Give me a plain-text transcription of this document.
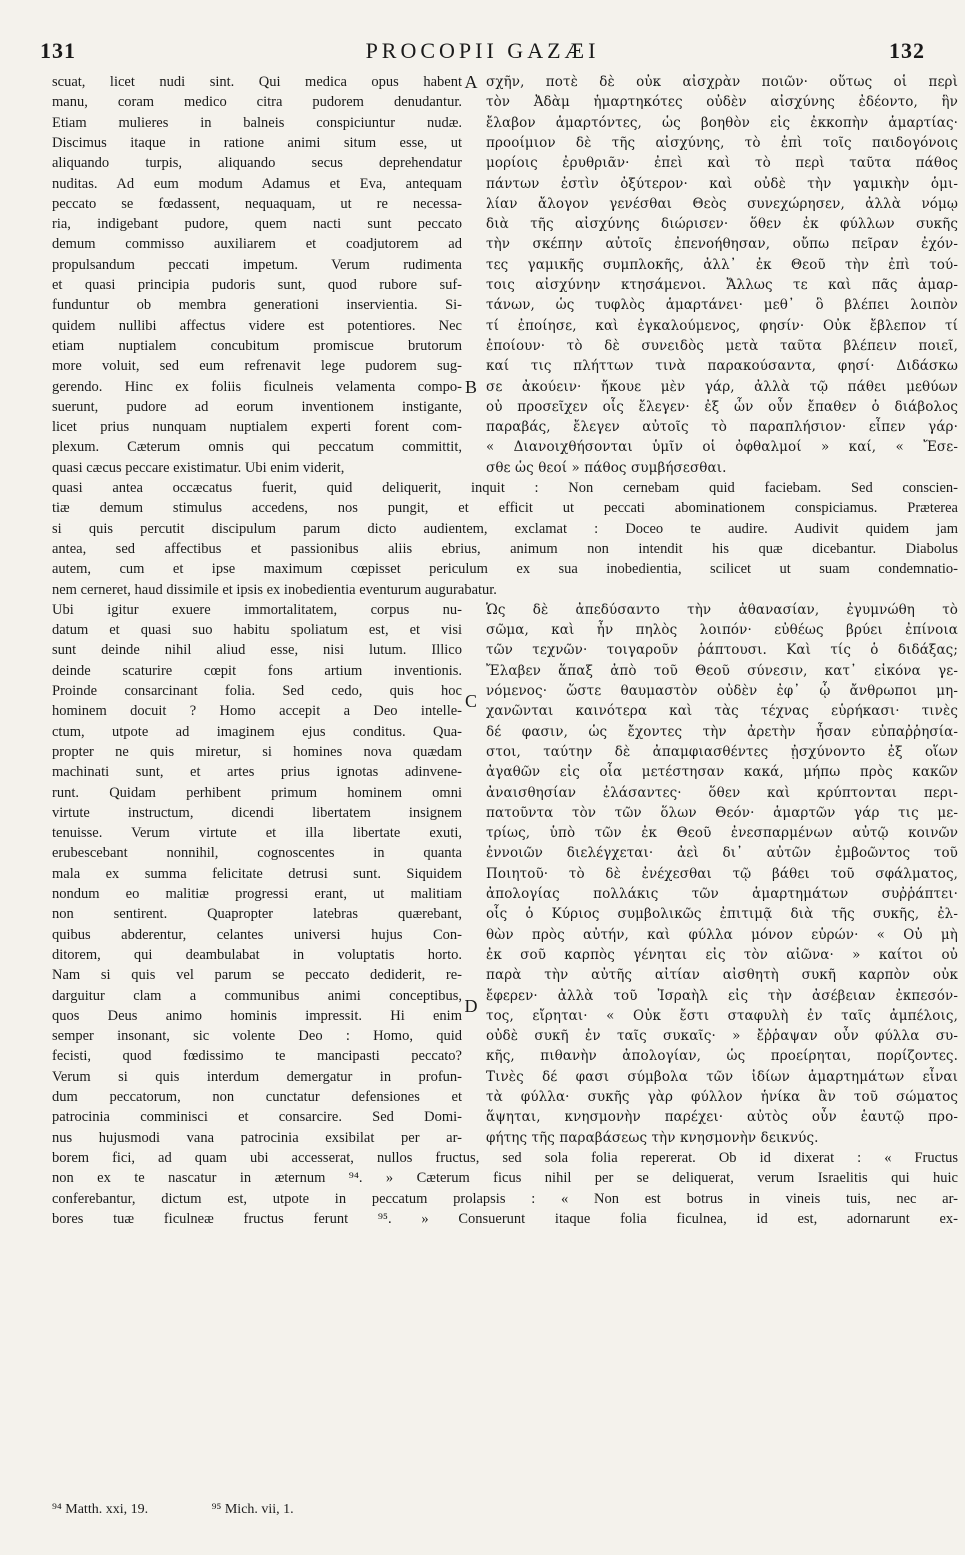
131	PROCOPII GAZÆI	132
scuat, licet nudi sint. Qui medica opus habent σχῆν, ποτὲ δὲ οὐκ αἰσχρὰν ποιῶν· οὕτως οἱ περὶ
manu, coram medico citra pudorem denudantur. τὸν Ἀδὰμ ἡμαρτηκότες οὐδὲν αἰσχύνης ἐδέοντο, ἣν
Etiam mulieres in balneis conspiciuntur nudæ. ἔλαβον ἁμαρτόντες, ὡς βοηθὸν εἰς ἐκκοπὴν ἁμαρτίας·
Discimus itaque in ratione animi situm esse, ut προοίμιον δὲ τῆς αἰσχύνης, τὸ ἐπὶ τοῖς παιδογόνοις
aliquando turpis, aliquando secus deprehendatur μορίοις ἐρυθριᾶν· ἐπεὶ καὶ τὸ περὶ ταῦτα πάθος
nuditas. Ad eum modum Adamus et Eva, antequam πάντων ἐστὶν ὀξύτερον· καὶ οὐδὲ τὴν γαμικὴν ὁμι-
peccato se fœdassent, nequaquam, ut re necessa- λίαν ἄλογον γενέσθαι Θεὸς συνεχώρησεν, ἀλλὰ νόμῳ
ria, indigebant pudore, quem nacti sunt peccato διὰ τῆς αἰσχύνης διώρισεν· ὅθεν ἐκ φύλλων συκῆς
demum commisso auxiliarem et coadjutorem ad τὴν σκέπην αὐτοῖς ἐπενοήθησαν, οὔπω πεῖραν ἐχόν-
propulsandum peccati impetum. Verum rudimenta τες γαμικῆς συμπλοκῆς, ἀλλ᾽ ἐκ Θεοῦ τὴν ἐπὶ τού-
et quasi principia pudoris sunt, quod rubore suf- τοις αἰσχύνην κτησάμενοι. Ἄλλως τε καὶ πᾶς ἁμαρ-
funduntur ob membra generationi inservientia. Si- τάνων, ὡς τυφλὸς ἁμαρτάνει· μεθ᾽ ὃ βλέπει λοιπὸν
quidem nullibi affectus videre est potentiores. Nec τί ἐποίησε, καὶ ἐγκαλούμενος, φησίν· Οὐκ ἔβλεπον τί
etiam nuptialem concubitum promiscue brutorum ἐποίουν· τὸ δὲ συνειδὸς μετὰ ταῦτα βλέπειν ποιεῖ,
more voluit, sed eum refrenavit lege pudorem sug- καί τις πλήττων τινὰ παρακούσαντα, φησί· Διδάσκω
gerendo. Hinc ex foliis ficulneis velamenta compo- σε ἀκούειν· ἤκουε μὲν γάρ, ἀλλὰ τῷ πάθει μεθύων
suerunt, pudore ad eorum inventionem instigante, οὐ προσεῖχεν οἷς ἔλεγεν· ἐξ ὧν οὖν ἔπαθεν ὁ διάβολος
licet prius nunquam nuptialem experti forent com- παραβάς, ἔλεγεν αὐτοῖς τὸ παραπλήσιον· εἶπεν γάρ·
plexum. Cæterum omnis qui peccatum committit, « Διανοιχθήσονται ὑμῖν οἱ ὀφθαλμοί » καί, « Ἔσε-
quasi cæcus peccare existimatur. Ubi enim viderit,	σθε ὡς θεοί » πάθος συμβήσεσθαι.
A
B
quasi antea occæcatus fuerit, quid deliquerit, inquit : Non cernebam quid faciebam. Sed conscien-
tiæ demum stimulus accedens, nos pungit, et efficit ut peccati abominationem conspiciamus. Præterea
si quis percutit discipulum parum dicto audientem, exclamat : Doceo te audire. Audivit quidem jam
antea, sed affectibus et passionibus aliis ebrius, animum non intendit his quæ dicebantur. Diabolus
autem, cum et ipse maximum cœpisset periculum ex sua inobedientia, scilicet ut suam condemnatio-
nem cerneret, haud dissimile et ipsis ex inobedientia eventurum augurabatur.
Ubi igitur exuere immortalitatem, corpus nu- Ὡς δὲ ἀπεδύσαντο τὴν ἀθανασίαν, ἐγυμνώθη τὸ
datum et quasi suo habitu spoliatum est, et visi σῶμα, καὶ ἦν πηλὸς λοιπόν· εὐθέως βρύει ἐπίνοια
sunt deinde nihil aliud esse, nisi lutum. Illico τῶν τεχνῶν· τοιγαροῦν ῥάπτουσι. Καὶ τίς ὁ διδάξας;
deinde scaturire cœpit fons artium inventionis. Ἔλαβεν ἅπαξ ἀπὸ τοῦ Θεοῦ σύνεσιν, κατ᾽ εἰκόνα γε-
Proinde consarcinant folia. Sed cedo, quis hoc νόμενος· ὥστε θαυμαστὸν οὐδὲν ἐφ᾽ ᾧ ἄνθρωποι μη-
hominem docuit ? Homo accepit a Deo intelle- χανῶνται καινότερα καὶ τὰς τέχνας εὑρήκασι· τινὲς
ctum, utpote ad imaginem ejus conditus. Qua- δέ φασιν, ὡς ἔχοντες τὴν ἀρετὴν ἦσαν εὐπαῤῥησία-
propter ne quis miretur, si homines nova quædam στοι, ταύτην δὲ ἀπαμφιασθέντες ᾐσχύνοντο ἐξ οἵων
machinati sunt, et artes prius ignotas adinvene- ἀγαθῶν εἰς οἷα μετέστησαν κακά, μήπω πρὸς κακῶν
runt. Quidam perhibent primum hominem omni ἀναισθησίαν ἐλάσαντες· ὅθεν καὶ κρύπτονται περι-
virtute instructum, dicendi libertatem insignem πατοῦντα τὸν τῶν ὅλων Θεόν· ἁμαρτῶν γάρ τις με-
tenuisse. Verum virtute et illa libertate exuti, τρίως, ὑπὸ τῶν ἐκ Θεοῦ ἐνεσπαρμένων αὐτῷ κοινῶν
erubescebant nonnihil, cognoscentes in quanta ἐννοιῶν διελέγχεται· ἀεὶ δι᾽ αὐτῶν ἐμβοῶντος τοῦ
mala ex summa felicitate detrusi sunt. Siquidem Ποιητοῦ· τὸ δὲ ἐνέχεσθαι τῷ βάθει τοῦ σφάλματος,
nondum eo malitiæ progressi erant, ut malitiam ἀπολογίας πολλάκις τῶν ἁμαρτημάτων συῤῥάπτει·
non sentirent. Quapropter latebras quærebant, οἷς ὁ Κύριος συμβολικῶς ἐπιτιμᾷ διὰ τῆς συκῆς, ἐλ-
quibus abderentur, celantes universi hujus Con- θὼν πρὸς αὐτήν, καὶ φύλλα μόνον εὑρών· « Οὐ μὴ
ditorem, qui deambulabat in voluptatis horto. ἐκ σοῦ καρπὸς γένηται εἰς τὸν αἰῶνα· » καίτοι οὐ
Nam si quis vel parum se peccato dediderit, re- παρὰ τὴν αὐτῆς αἰτίαν αἰσθητὴ συκῆ καρπὸν οὐκ
darguitur clam a communibus animi conceptibus, ἔφερεν· ἀλλὰ τοῦ Ἰσραὴλ εἰς τὴν ἀσέβειαν ἐκπεσόν-
quos Deus animo hominis impressit. Hi enim τος, εἴρηται· « Οὐκ ἔστι σταφυλὴ ἐν ταῖς ἀμπέλοις,
semper insonant, sic volente Deo : Homo, quid οὐδὲ συκῆ ἐν ταῖς συκαῖς· » ἔῤῥαψαν οὖν φύλλα συ-
fecisti, quod fœdissimo te mancipasti peccato? κῆς, πιθανὴν ἀπολογίαν, ὡς προείρηται, πορίζοντες.
Verum si quis interdum demergatur in profun- Τινὲς δέ φασι σύμβολα τῶν ἰδίων ἁμαρτημάτων εἶναι
dum peccatorum, non cunctatur defensiones et τὰ φύλλα· συκῆς γὰρ φύλλον ἡνίκα ἂν τοῦ σώματος
patrocinia comminisci et consarcire. Sed Domi- ἅψηται, κνησμονὴν παρέχει· αὐτὸς οὖν ἑαυτῷ προ-
nus hujusmodi vana patrocinia exsibilat per ar- φήτης τῆς παραβάσεως τὴν κνησμονὴν δεικνύς.
C
D
borem fici, ad quam ubi accesserat, nullos fructus, sed sola folia repererat. Ob id dixerat : « Fructus
non ex te nascatur in æternum ⁹⁴. » Cæterum ficus nihil per se deliquerat, verum Israelitis qui huic
conferebantur, dictum est, utpote in peccatum prolapsis : « Non est botrus in vineis tuis, nec ar-
bores tuæ ficulneæ fructus ferunt ⁹⁵. » Consuerunt itaque folia ficulnea, id est, adornarunt ex-
⁹⁴ Matth. xxi, 19.	⁹⁵ Mich. vii, 1.
